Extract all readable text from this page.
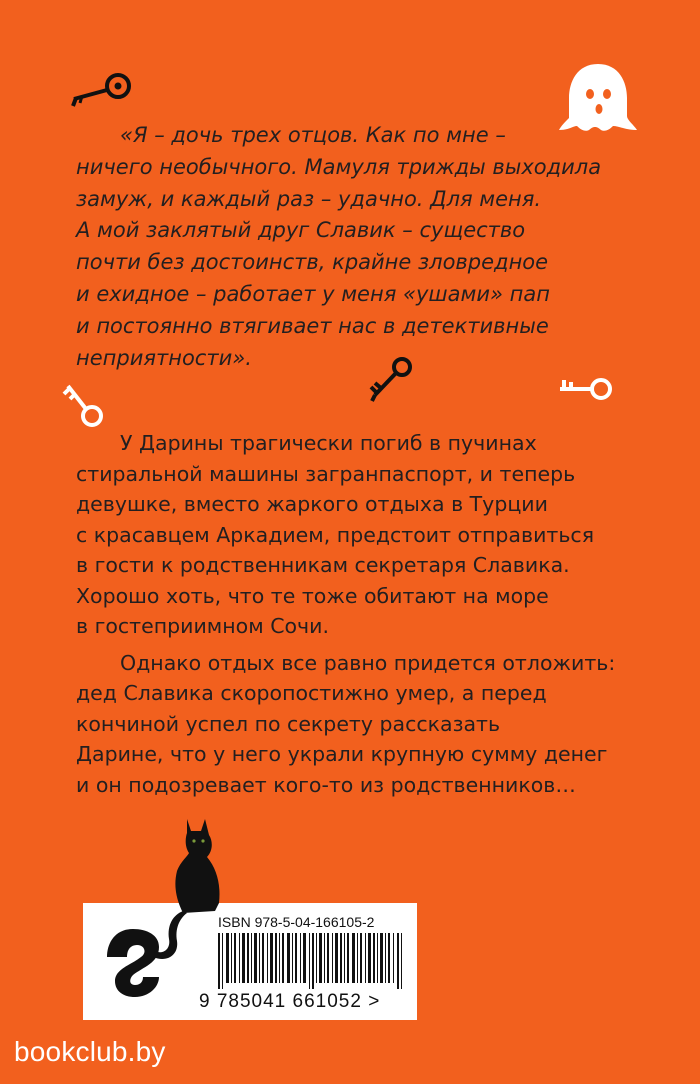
«Я – дочь трех отцов. Как по мне –
ничего необычного. Мамуля трижды выходила
замуж, и каждый раз – удачно. Для меня.
А мой заклятый друг Славик – существо
почти без достоинств, крайне зловредное
и ехидное – работает у меня «ушами» пап
и постоянно втягивает нас в детективные
неприятности».
У Дарины трагически погиб в пучинах
стиральной машины загранпаспорт, и теперь
девушке, вместо жаркого отдыха в Турции
с красавцем Аркадием, предстоит отправиться
в гости к родственникам секретаря Славика.
Хорошо хоть, что те тоже обитают на море
в гостеприимном Сочи.
Однако отдых все равно придется отложить:
дед Славика скоропостижно умер, а перед
кончиной успел по секрету рассказать
Дарине, что у него украли крупную сумму денег
и он подозревает кого-то из родственников…
ISBN 978-5-04-166105-2
9 785041 661052 >
bookclub.by
